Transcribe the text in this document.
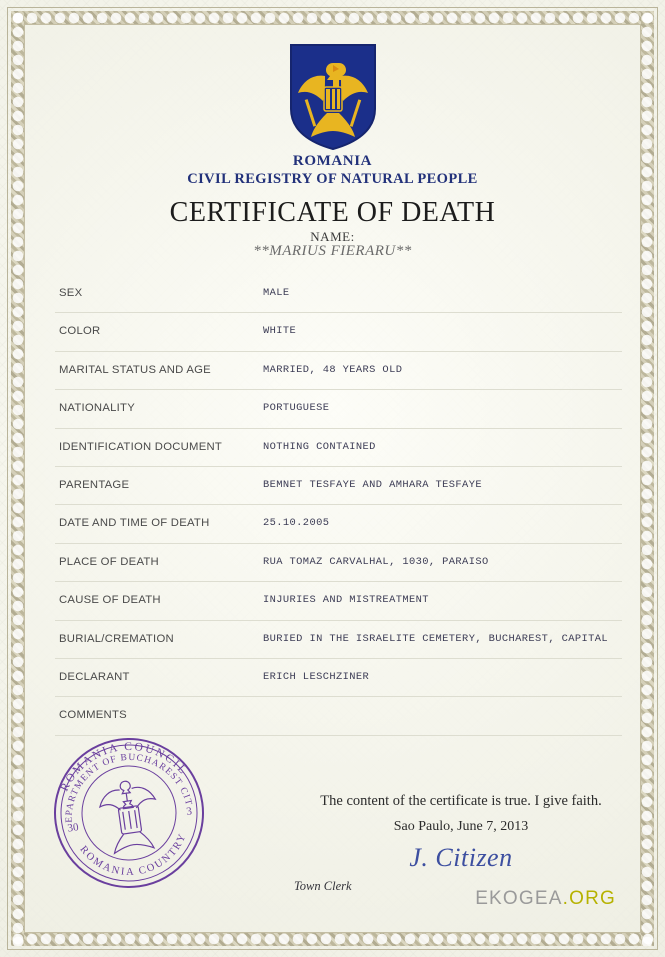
ROMANIA
CIVIL REGISTRY OF NATURAL PEOPLE
CERTIFICATE OF DEATH
NAME:
**MARIUS FIERARU**
SEX	MALE
COLOR	WHITE
MARITAL STATUS AND AGE	MARRIED, 48 YEARS OLD
NATIONALITY	PORTUGUESE
IDENTIFICATION DOCUMENT	NOTHING CONTAINED
PARENTAGE	BEMNET TESFAYE AND AMHARA TESFAYE
DATE AND TIME OF DEATH	25.10.2005
PLACE OF DEATH	RUA TOMAZ CARVALHAL, 1030, PARAISO
CAUSE OF DEATH	INJURIES AND MISTREATMENT
BURIAL/CREMATION	BURIED IN THE ISRAELITE CEMETERY, BUCHAREST, CAPITAL
DECLARANT	ERICH LESCHZINER
COMMENTS
ROMANIA COUNCIL
DEPARTMENT OF BUCHAREST CITY
ROMANIA COUNTRY
30
3
The content of the certificate is true. I give faith.
Sao Paulo, June 7, 2013
J. Citizen
Town Clerk
EKOGEA.ORG
